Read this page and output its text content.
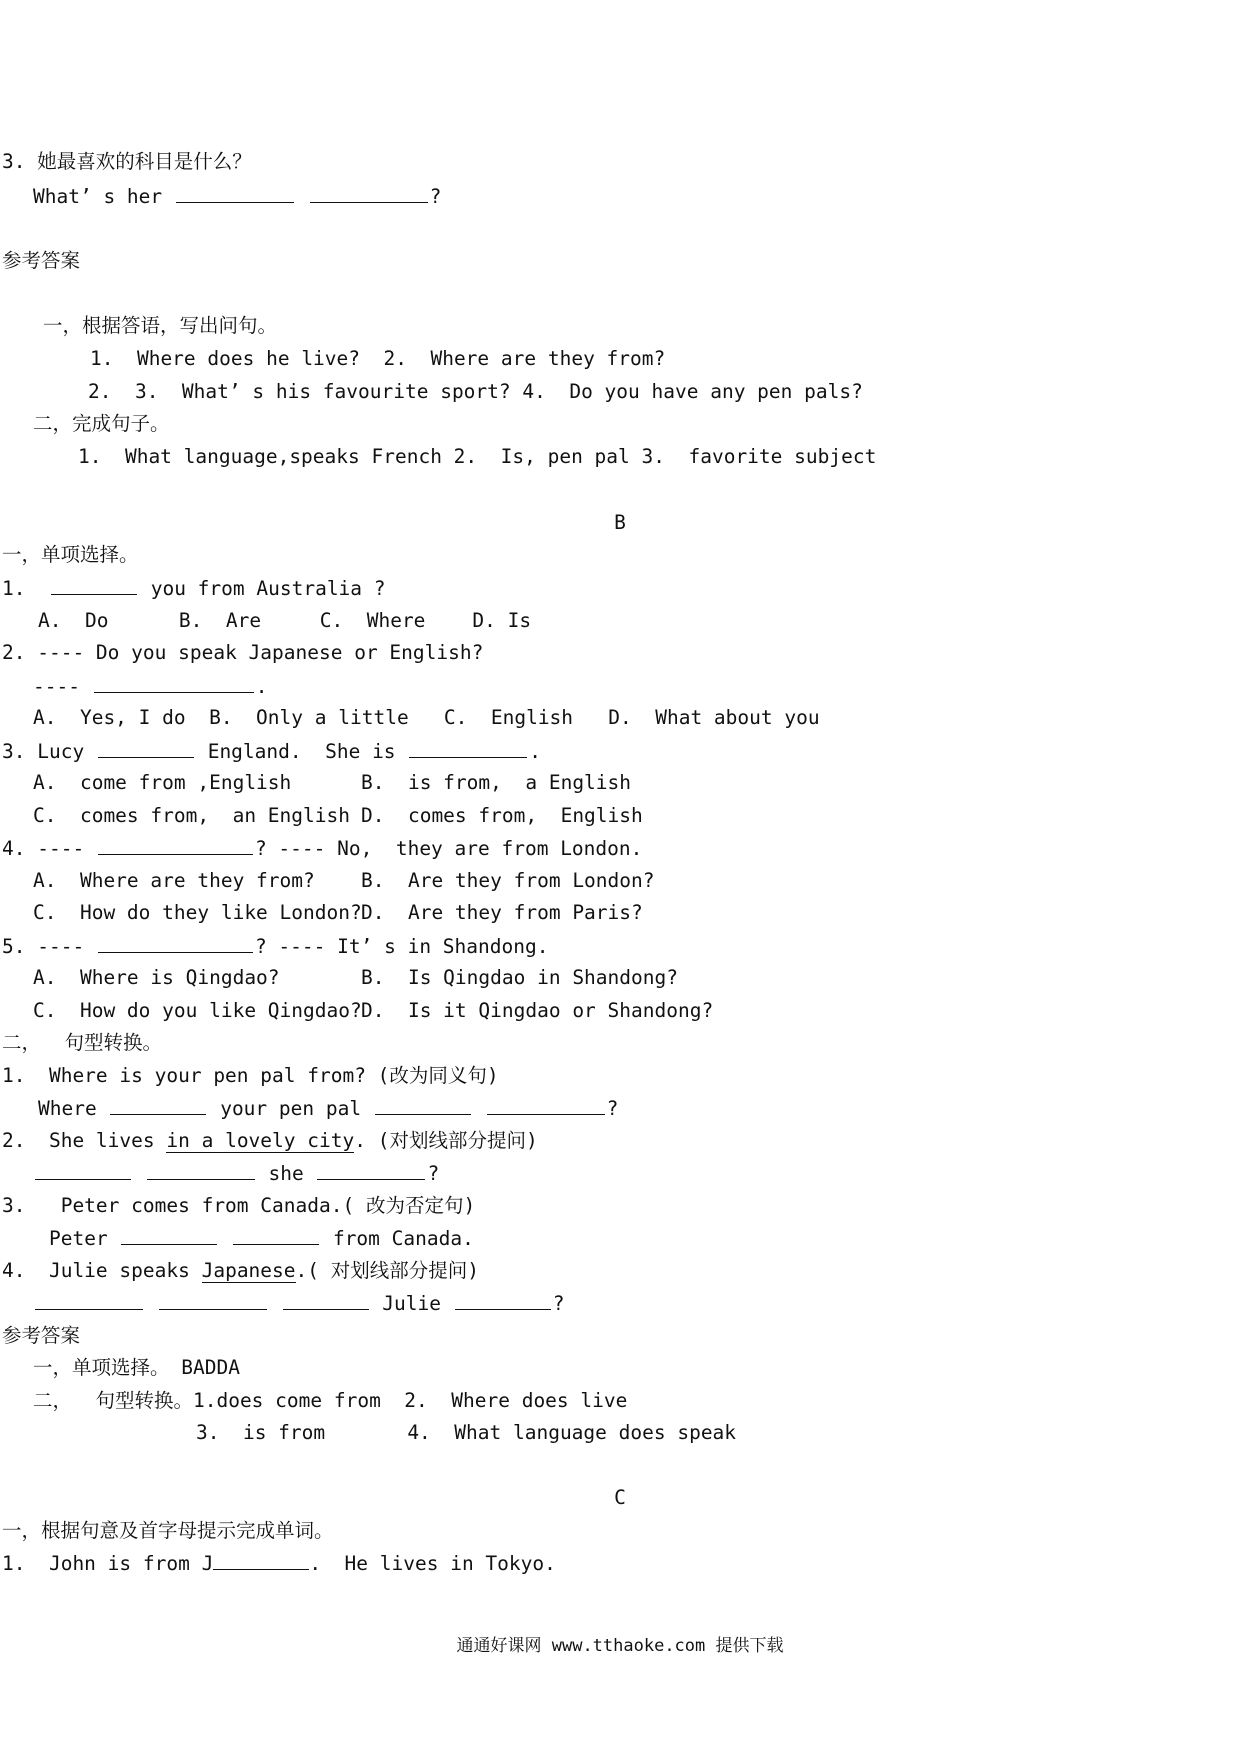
3. 她最喜欢的科目是什么？
What’ s her	?
参考答案
一，根据答语，写出问句。
1.  Where does he live?  2.  Where are they from?
2.  3.  What’ s his favourite sport? 4.  Do you have any pen pals?
二，完成句子。
1.  What language,speaks French 2.  Is, pen pal 3.  favorite subject
B
一，单项选择。
1.	you from Australia ?
A.  Do      B.  Are     C.  Where    D. Is
2. ---- Do you speak Japanese or English?
----	.
A.  Yes, I do  B.  Only a little   C.  English   D.  What about you
3. Lucy	England.  She is	.
A.  come from ,English	B.  is from,  a English
C.  comes from,  an English D.  comes from,  English
4. ----	? ---- No,  they are from London.
A.  Where are they from? B.  Are they from London?
C.  How do they like London? D.  Are they from Paris?
5. ----	? ---- It’ s in Shandong.
A.  Where is Qingdao?	B.  Is Qingdao in Shandong?
C.  How do you like Qingdao? D.  Is it Qingdao or Shandong?
二，  句型转换。
1.  Where is your pen pal from? (改为同义句)
Where	your pen pal	?
2.  She lives in a lovely city. (对划线部分提问)
she	?
3.   Peter comes from Canada.( 改为否定句)
Peter	from Canada.
4.  Julie speaks Japanese.( 对划线部分提问)
Julie	?
参考答案
一，单项选择。 BADDA
二，  句型转换。1.does come from  2.  Where does live
3.  is from       4.  What language does speak
C
一，根据句意及首字母提示完成单词。
1.  John is from J	.  He lives in Tokyo.
通通好课网 www.tthaoke.com 提供下载
